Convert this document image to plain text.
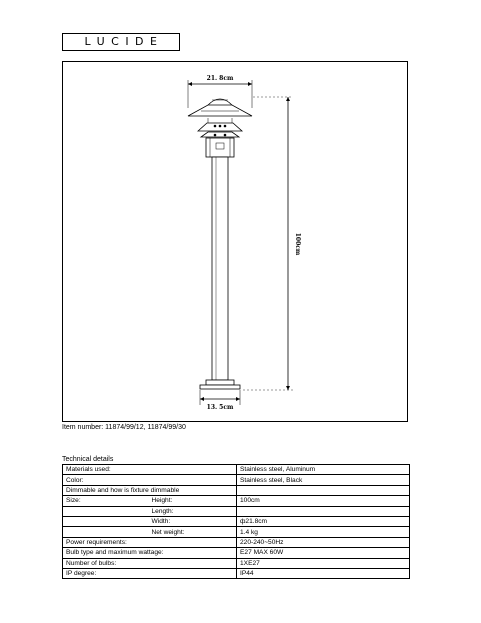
LUCIDE
21. 8cm
13. 5cm
100cm
Item number: 11874/99/12, 11874/99/30
Technical details
Materials used:		Stainless steel, Aluminum
Color:		Stainless steel, Black
Dimmable and how is fixture dimmable		
Size:	Height:	100cm
	Length:	
	Width:	ф21.8cm
	Net weight:	1.4 kg
Power requirements:		220-240~50Hz
Bulb type and maximum wattage:		E27 MAX 60W
Number of bulbs:		1XE27
IP degree:		IP44
